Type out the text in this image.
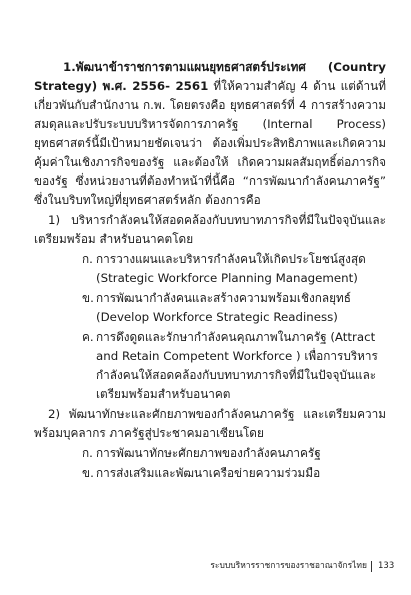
1.พัฒนาข้าราชการตามแผนยุทธศาสตร์ประเทศ (Country Strategy) พ.ศ. 2556- 2561 ที่ให้ความสำคัญ 4 ด้าน แต่ด้านที่เกี่ยวพันกับสำนักงาน ก.พ. โดยตรงคือ ยุทธศาสตร์ที่ 4 การสร้างความสมดุลและปรับระบบบริหารจัดการภาครัฐ (Internal Process) ยุทธศาสตร์นี้มีเป้าหมายชัดเจนว่า ต้องเพิ่มประสิทธิภาพและเกิดความคุ้มค่าในเชิงภารกิจของรัฐ และต้องให้ เกิดความผลสัมฤทธิ์ต่อภารกิจของรัฐ ซึ่งหน่วยงานที่ต้องทำหน้าที่นี้คือ “การพัฒนากำลังคนภาครัฐ” ซึ่งในบริบทใหญ่ที่ยุทธศาสตร์หลัก ต้องการคือ

1) บริหารกำลังคนให้สอดคล้องกับบทบาทภารกิจที่มีในปัจจุบันและเตรียมพร้อม สำหรับอนาคตโดย

ก. การวางแผนและบริหารกำลังคนให้เกิดประโยชน์สูงสุด (Strategic Workforce Planning Management)
ข. การพัฒนากำลังคนและสร้างความพร้อมเชิงกลยุทธ์ (Develop Workforce Strategic Readiness)
ค. การดึงดูดและรักษากำลังคนคุณภาพในภาครัฐ (Attract and Retain Competent Workforce ) เพื่อการบริหารกำลังคนให้สอดคล้องกับบทบาทภารกิจที่มีในปัจจุบันและเตรียมพร้อมสำหรับอนาคต

2) พัฒนาทักษะและศักยภาพของกำลังคนภาครัฐ และเตรียมความพร้อมบุคลากร ภาครัฐสู่ประชาคมอาเซียนโดย

ก. การพัฒนาทักษะศักยภาพของกำลังคนภาครัฐ
ข. การส่งเสริมและพัฒนาเครือข่ายความร่วมมือ
ระบบบริหารราชการของราชอาณาจักรไทย 133
